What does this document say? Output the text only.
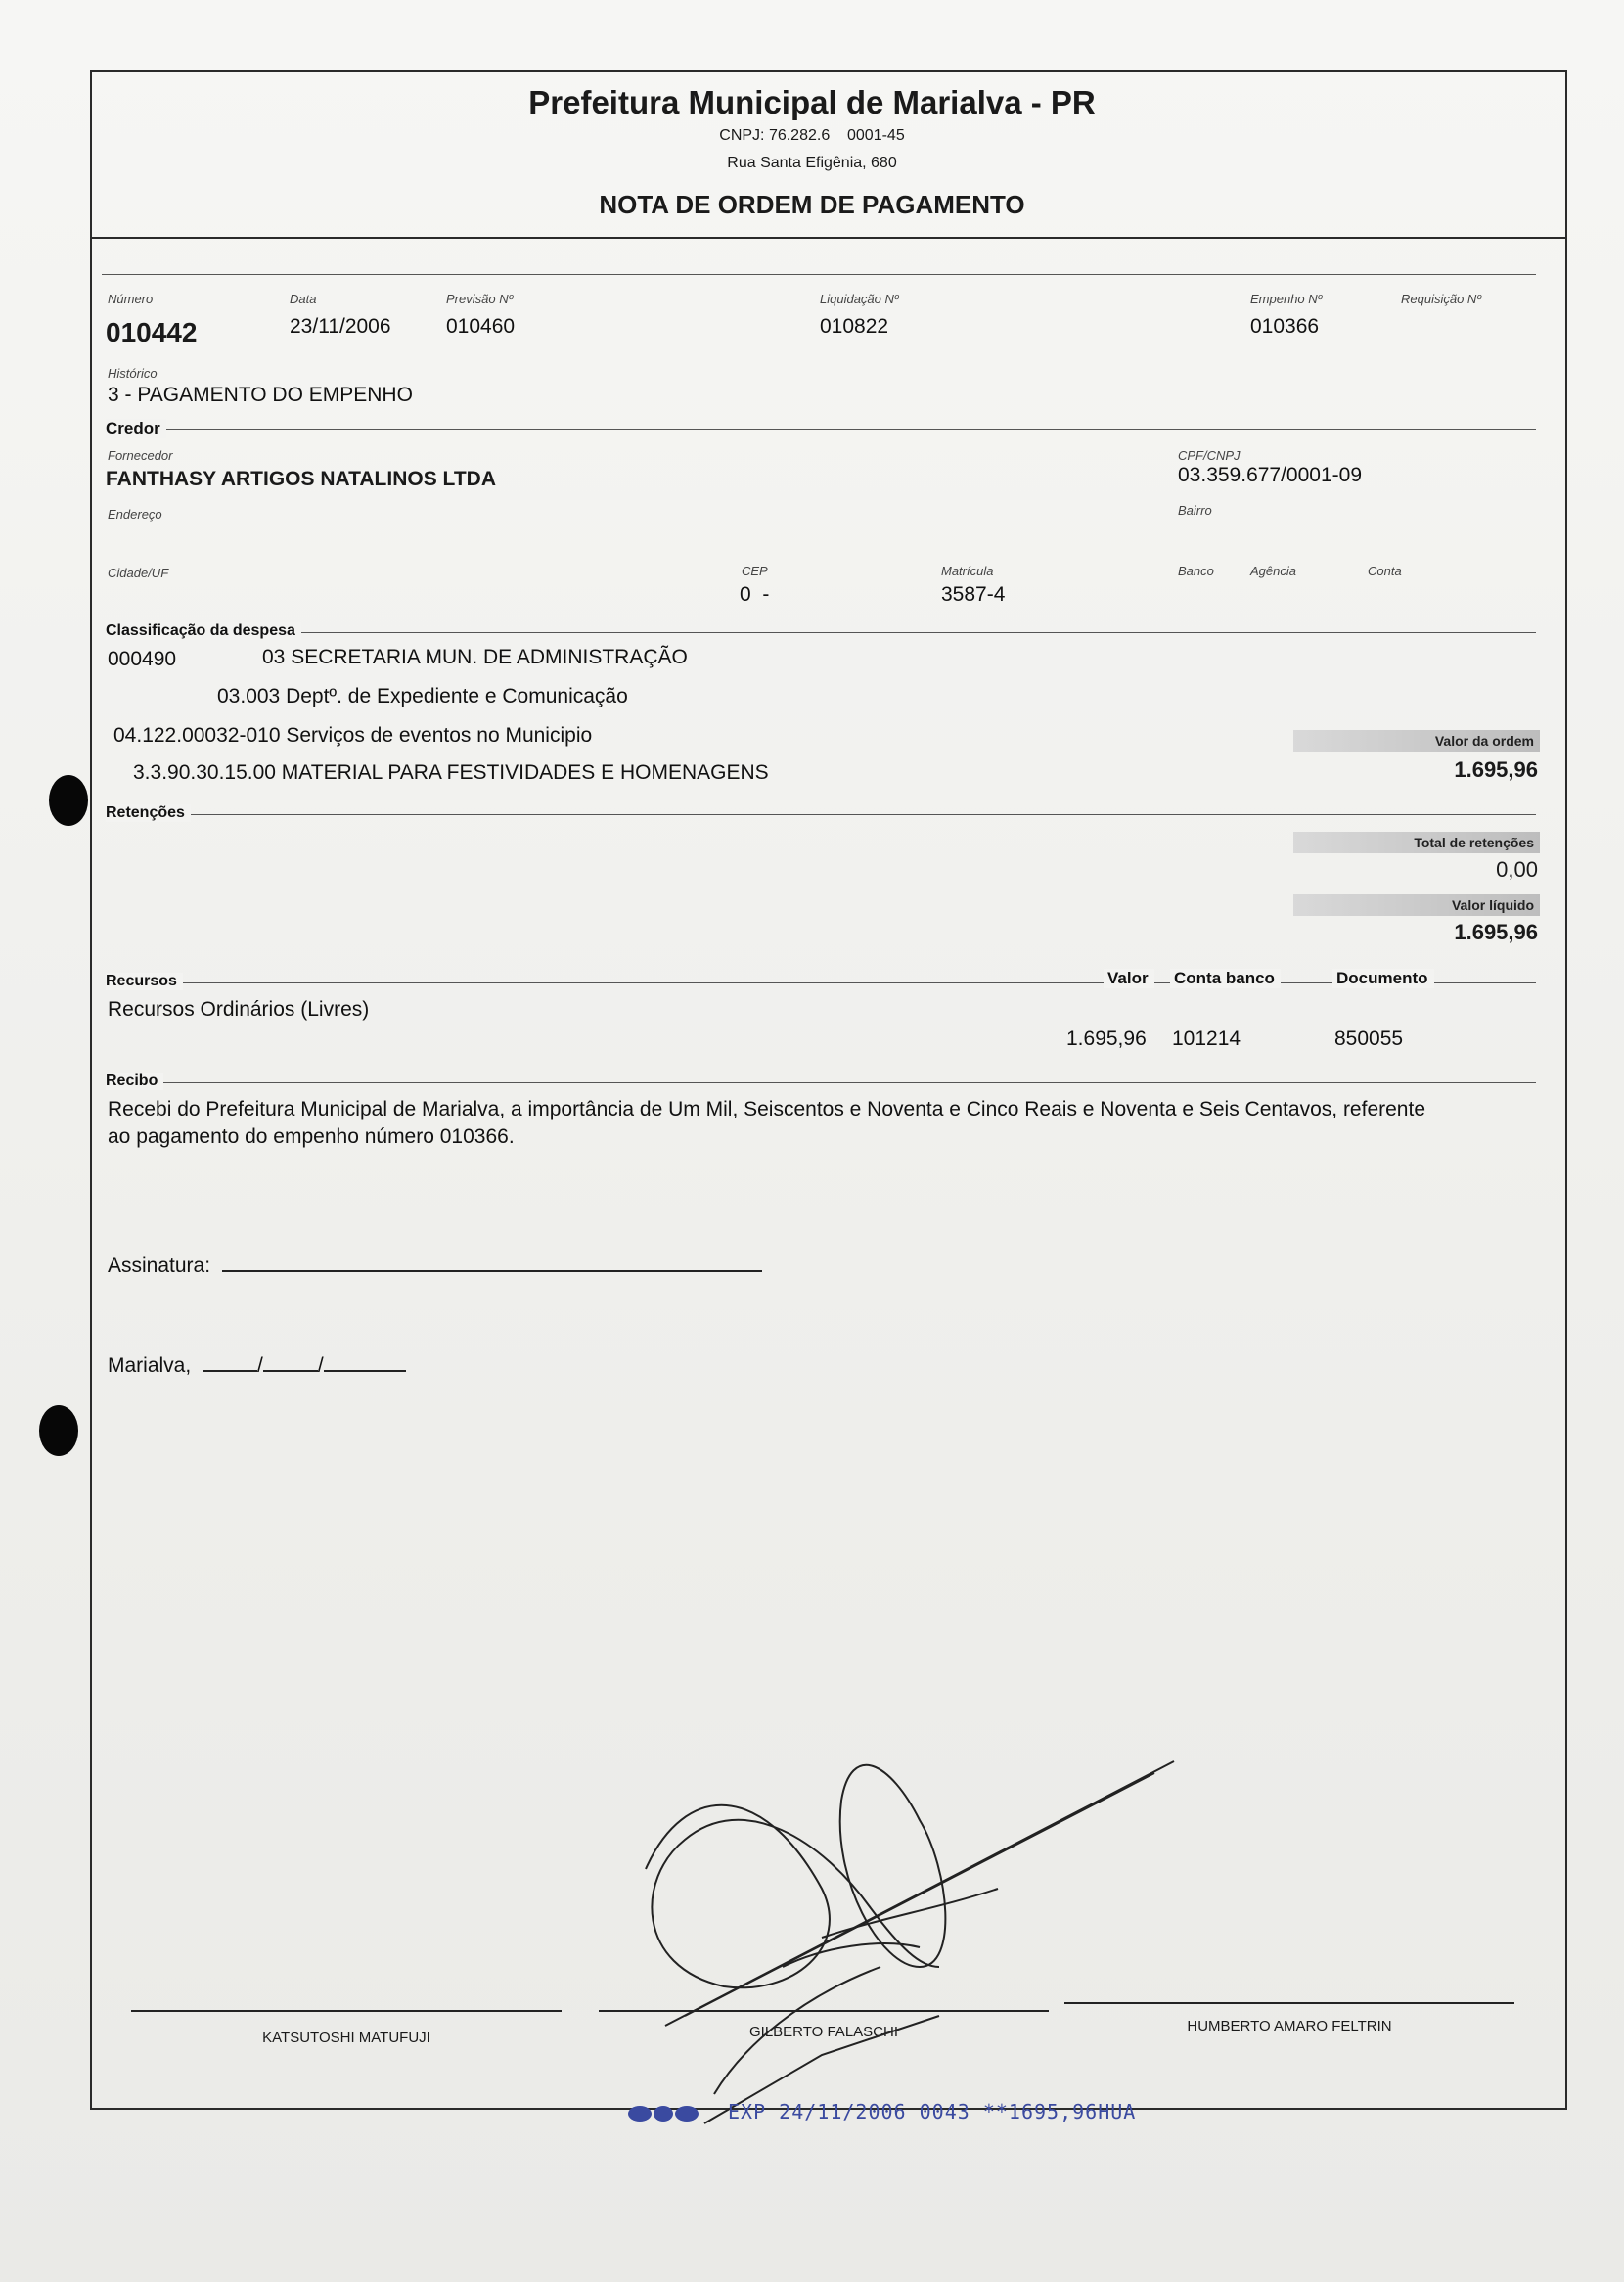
Prefeitura Municipal de Marialva - PR
CNPJ: 76.282.6    0001-45
Rua Santa Efigênia, 680
NOTA DE ORDEM DE PAGAMENTO
Número
010442
Data
23/11/2006
Previsão Nº
010460
Liquidação Nº
010822
Empenho Nº
010366
Requisição Nº
Histórico
3 - PAGAMENTO DO EMPENHO
Credor
Fornecedor
FANTHASY ARTIGOS NATALINOS LTDA
CPF/CNPJ
03.359.677/0001-09
Endereço	Bairro
Cidade/UF	CEP
0  -
Matrícula
3587-4
Banco	Agência	Conta
Classificação da despesa
000490	03 SECRETARIA MUN. DE ADMINISTRAÇÃO
03.003 Deptº. de Expediente e Comunicação
04.122.00032-010 Serviços de eventos no Municipio
3.3.90.30.15.00 MATERIAL PARA FESTIVIDADES E HOMENAGENS
Valor da ordem
1.695,96
Retenções
Total de retenções
0,00
Valor líquido
1.695,96
Recursos	Valor	Conta banco	Documento
Recursos Ordinários (Livres)
1.695,96 101214	850055
Recibo
Recebi do Prefeitura Municipal de Marialva, a importância de Um Mil, Seiscentos e Noventa e Cinco Reais e Noventa e Seis Centavos, referente
ao pagamento do empenho número 010366.
Assinatura:
Marialva,	/	/
KATSUTOSHI MATUFUJI	GILBERTO FALASCHI	HUMBERTO AMARO FELTRIN
EXP 24/11/2006 0043 **1695,96HUA
